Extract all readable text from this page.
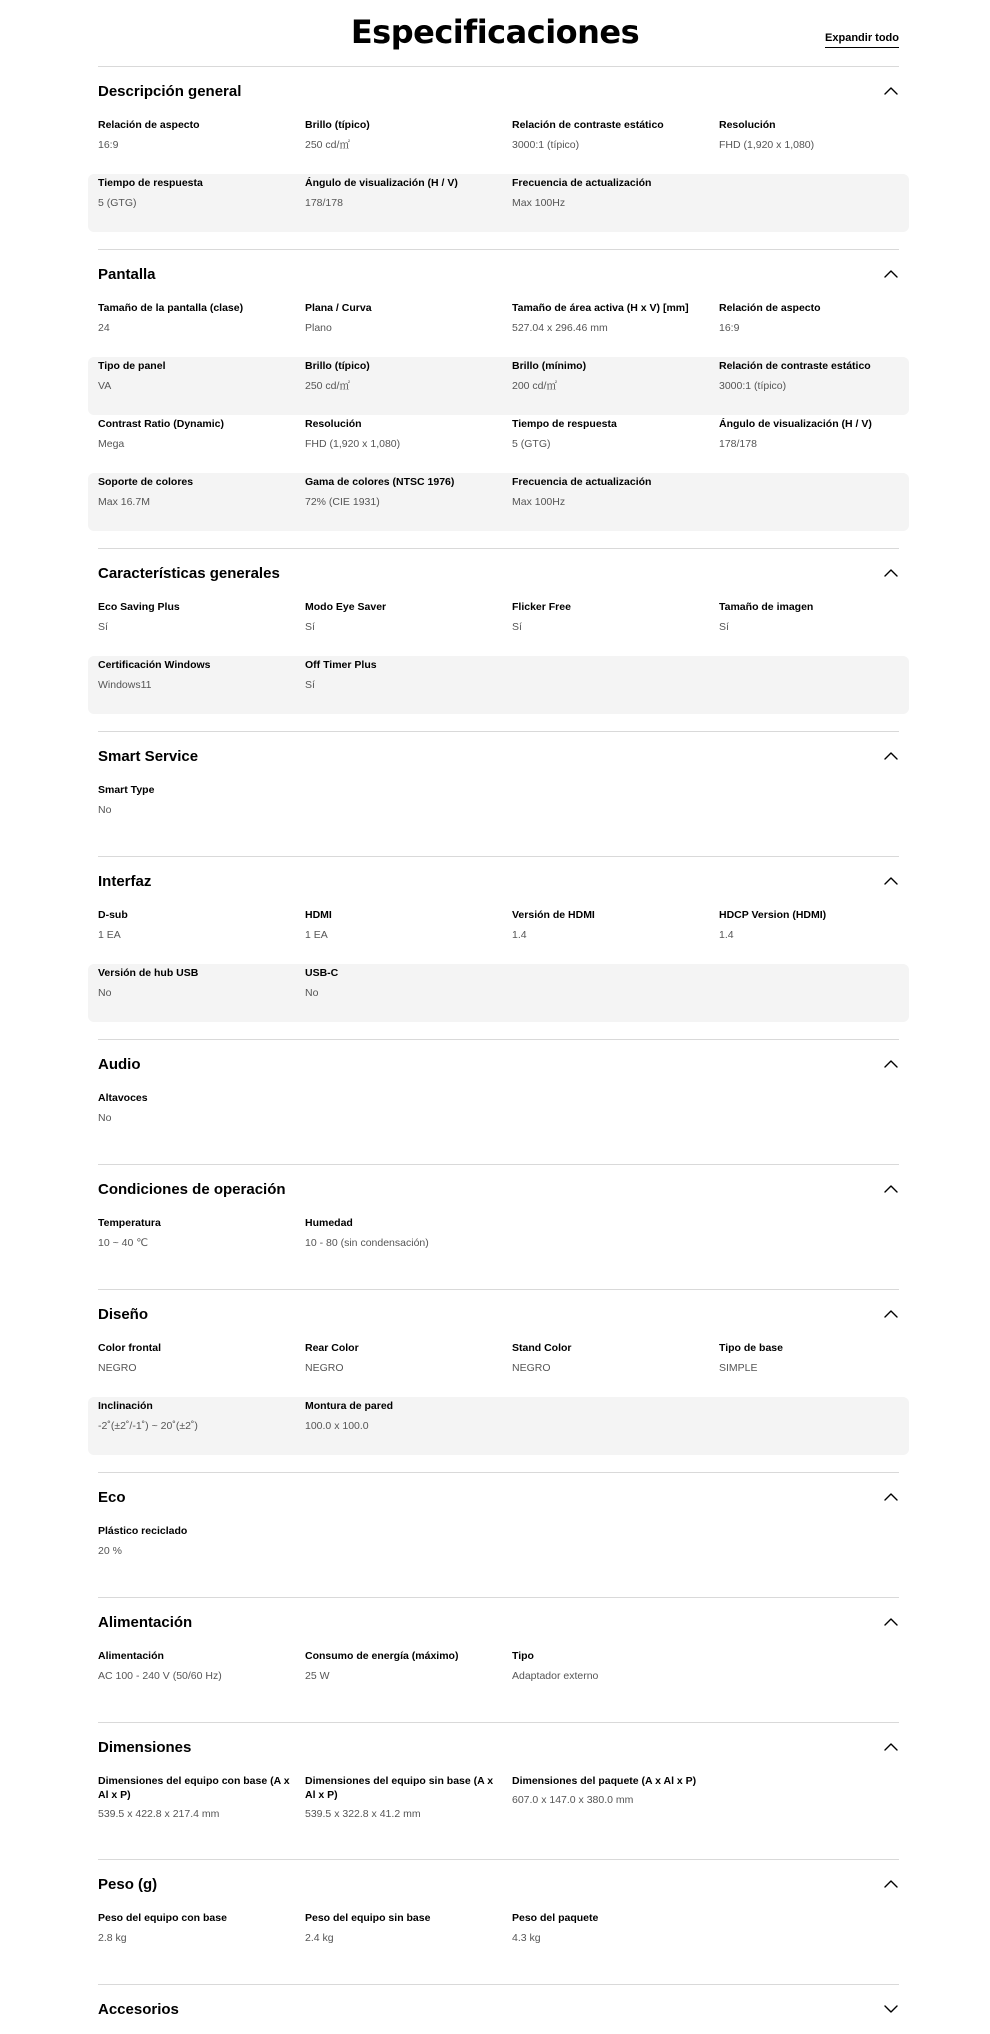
Especificaciones	Expandir todo
Descripción general
Relación de aspecto
16:9
Brillo (típico)
250 cd/㎡
Relación de contraste estático
3000:1 (típico)
Resolución
FHD (1,920 x 1,080)
Tiempo de respuesta
5 (GTG)
Ángulo de visualización (H / V)
178/178
Frecuencia de actualización
Max 100Hz
Pantalla
Tamaño de la pantalla (clase)
24
Plana / Curva
Plano
Tamaño de área activa (H x V) [mm]
527.04 x 296.46 mm
Relación de aspecto
16:9
Tipo de panel
VA
Brillo (típico)
250 cd/㎡
Brillo (mínimo)
200 cd/㎡
Relación de contraste estático
3000:1 (típico)
Contrast Ratio (Dynamic)
Mega
Resolución
FHD (1,920 x 1,080)
Tiempo de respuesta
5 (GTG)
Ángulo de visualización (H / V)
178/178
Soporte de colores
Max 16.7M
Gama de colores (NTSC 1976)
72% (CIE 1931)
Frecuencia de actualización
Max 100Hz
Características generales
Eco Saving Plus
Sí
Modo Eye Saver
Sí
Flicker Free
Sí
Tamaño de imagen
Sí
Certificación Windows
Windows11
Off Timer Plus
Sí
Smart Service
Smart Type
No
Interfaz
D-sub
1 EA
HDMI
1 EA
Versión de HDMI
1.4
HDCP Version (HDMI)
1.4
Versión de hub USB
No
USB-C
No
Audio
Altavoces
No
Condiciones de operación
Temperatura
10 ~ 40 ℃
Humedad
10 - 80 (sin condensación)
Diseño
Color frontal
NEGRO
Rear Color
NEGRO
Stand Color
NEGRO
Tipo de base
SIMPLE
Inclinación
-2˚(±2˚/-1˚) ~ 20˚(±2˚)
Montura de pared
100.0 x 100.0
Eco
Plástico reciclado
20 %
Alimentación
Alimentación
AC 100 - 240 V (50/60 Hz)
Consumo de energía (máximo)
25 W
Tipo
Adaptador externo
Dimensiones
Dimensiones del equipo con base (A x Al x P)
539.5 x 422.8 x 217.4 mm
Dimensiones del equipo sin base (A x Al x P)
539.5 x 322.8 x 41.2 mm
Dimensiones del paquete (A x Al x P)
607.0 x 147.0 x 380.0 mm
Peso (g)
Peso del equipo con base
2.8 kg
Peso del equipo sin base
2.4 kg
Peso del paquete
4.3 kg
Accesorios
